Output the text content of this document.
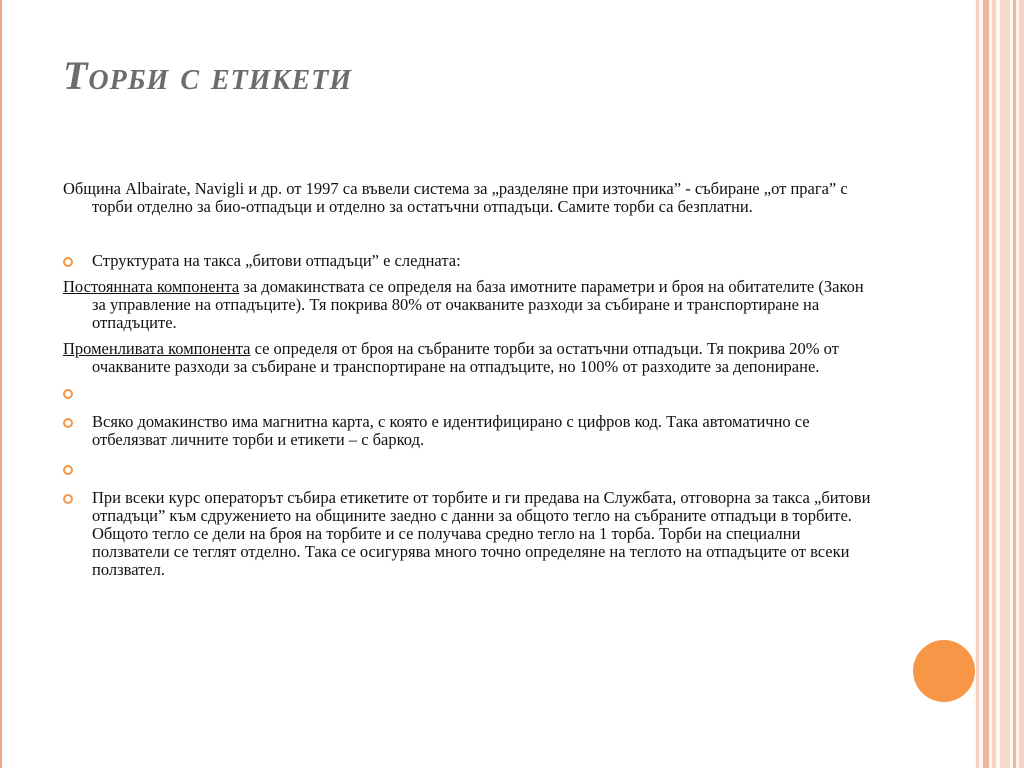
Торби с етикети

Община Albairate, Navigli и др. от 1997 са въвели система за „разделяне при източника” - събиране „от прага” с торби отделно за био-отпадъци и отделно за остатъчни отпадъци. Самите торби са безплатни.

Структурата на такса „битови отпадъци” е следната:

Постоянната компонента за домакинствата се определя на база имотните параметри и броя на обитателите (Закон за управление на отпадъците). Тя покрива 80% от очакваните разходи за събиране и транспортиране на отпадъците.

Променливата компонента се определя от броя на събраните торби за остатъчни отпадъци. Тя покрива 20% от очакваните разходи за събиране и транспортиране на отпадъците, но 100% от разходите за депониране.

Всяко домакинство има магнитна карта, с която е идентифицирано с цифров код. Така автоматично се отбелязват личните торби и етикети – с баркод.
При всеки курс операторът събира етикетите от торбите и ги предава на Службата, отговорна за такса „битови отпадъци” към сдружението на общините заедно с данни за общото тегло на събраните отпадъци в торбите. Общото тегло се дели на броя на торбите и се получава средно тегло на 1 торба. Торби на специални ползватели се теглят отделно. Така се осигурява много точно определяне на теглото на отпадъците от всеки ползвател.
